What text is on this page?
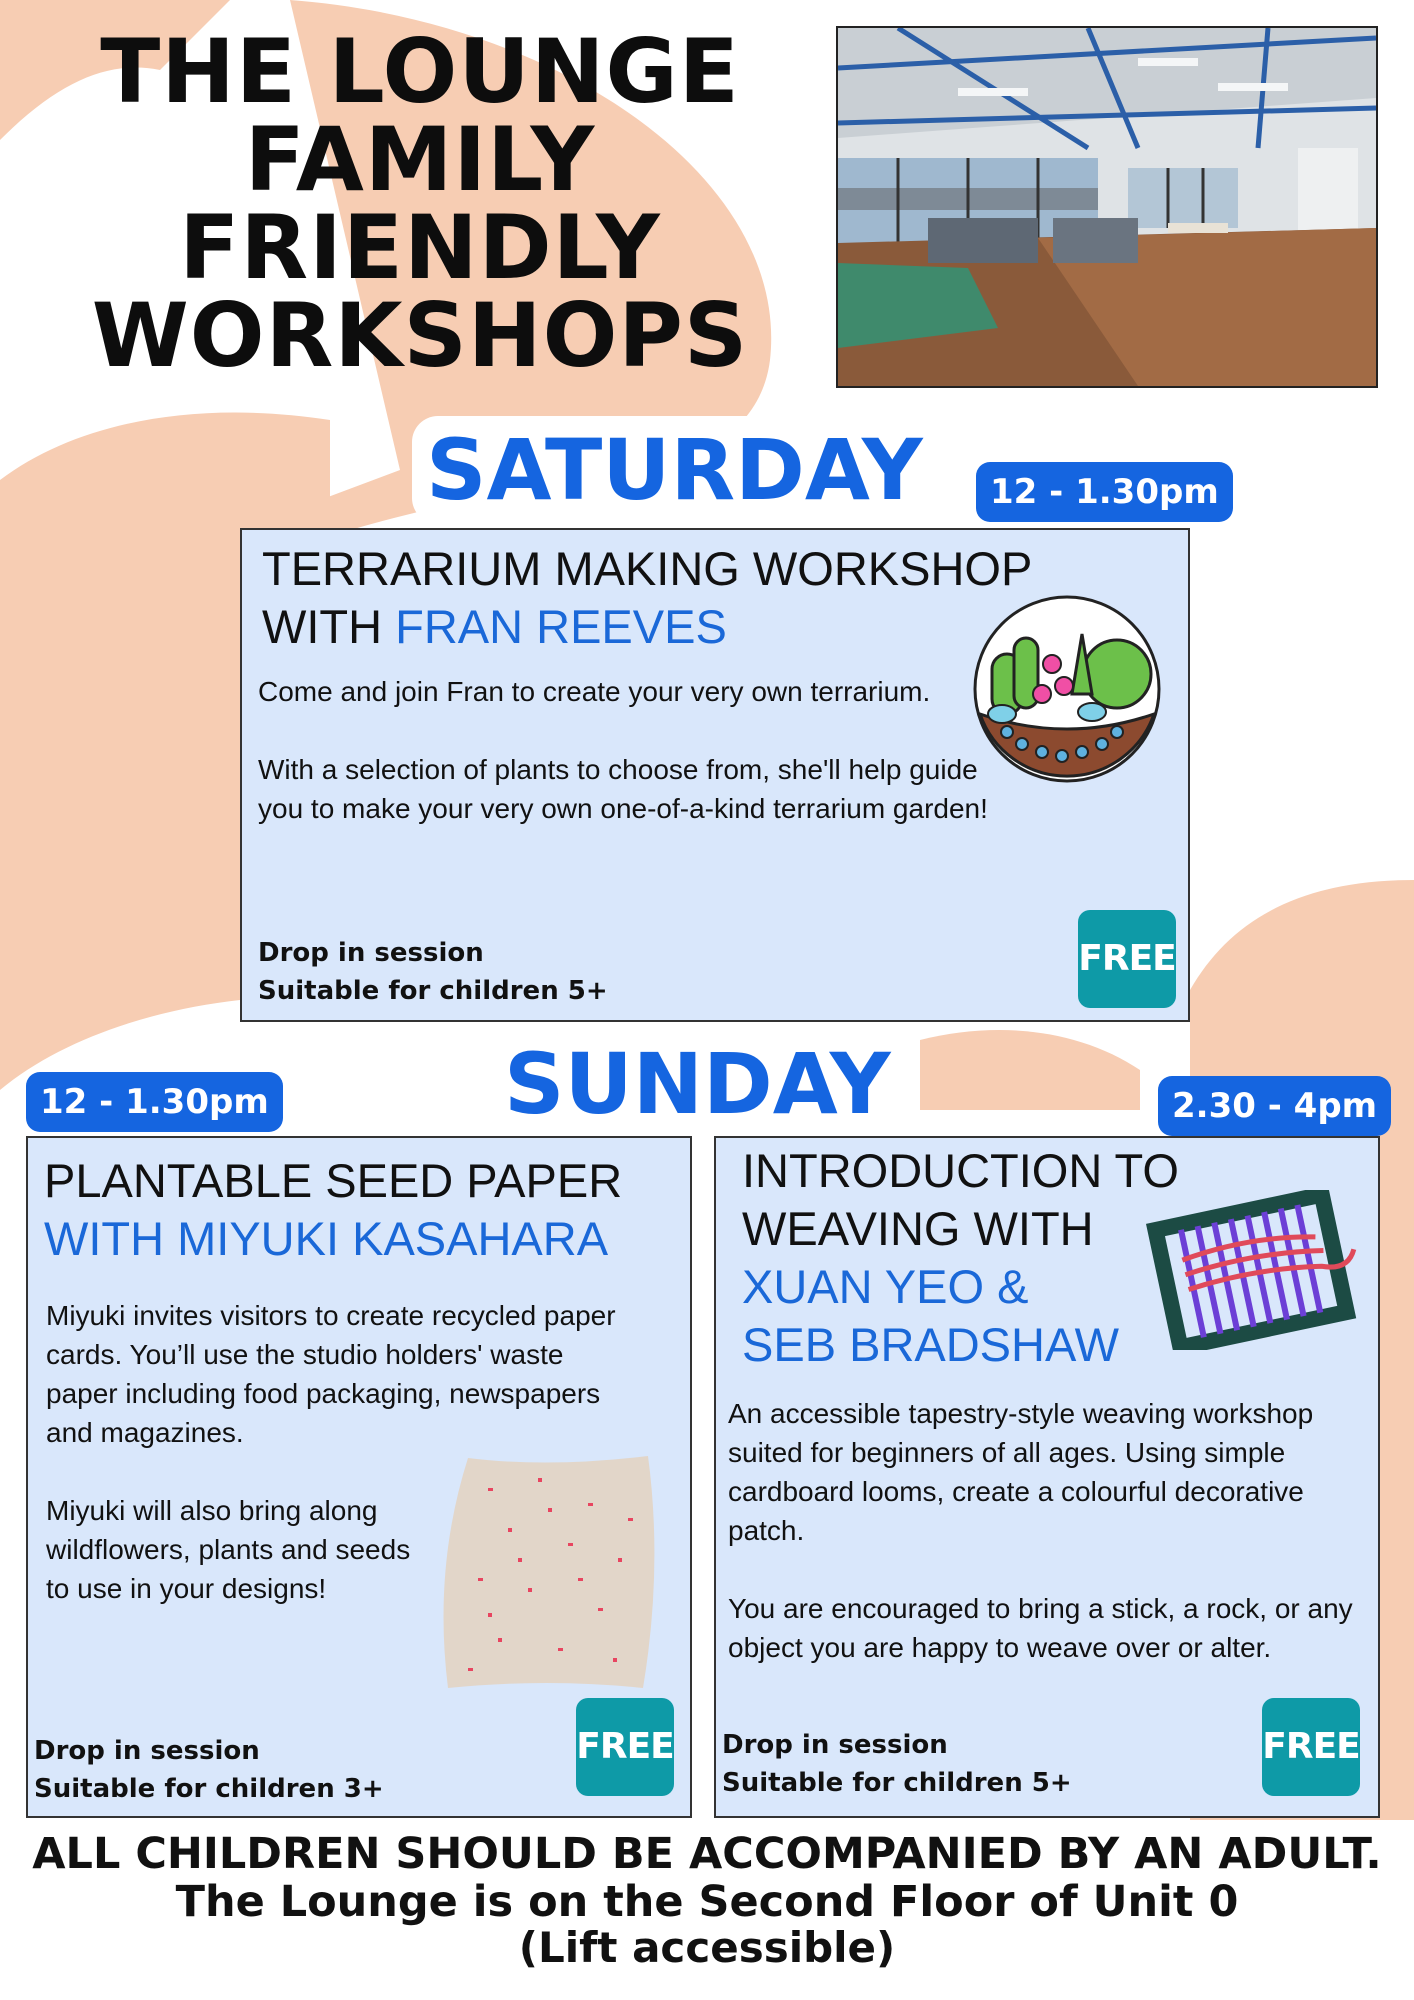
THE LOUNGE
FAMILY
FRIENDLY
WORKSHOPS
SATURDAY	12 - 1.30pm
TERRARIUM MAKING WORKSHOP
WITH FRAN REEVES

Come and join Fran to create your very own terrarium.

With a selection of plants to choose from, she'll help guide you to make your very own one-of-a-kind terrarium garden!

Drop in session
Suitable for children 5+
FREE
SUNDAY
12 - 1.30pm	2.30 - 4pm
PLANTABLE SEED PAPER
WITH MIYUKI KASAHARA

Miyuki invites visitors to create recycled paper cards. You’ll use the studio holders' waste paper including food packaging, newspapers and magazines.

Miyuki will also bring along wildflowers, plants and seeds to use in your designs!

Drop in session
Suitable for children 3+
FREE
INTRODUCTION TO
WEAVING WITH
XUAN YEO &
SEB BRADSHAW

An accessible tapestry-style weaving workshop suited for beginners of all ages. Using simple cardboard looms, create a colourful decorative patch.

You are encouraged to bring a stick, a rock, or any object you are happy to weave over or alter.

Drop in session
Suitable for children 5+
FREE
ALL CHILDREN SHOULD BE ACCOMPANIED BY AN ADULT.
The Lounge is on the Second Floor of Unit 0
(Lift accessible)
